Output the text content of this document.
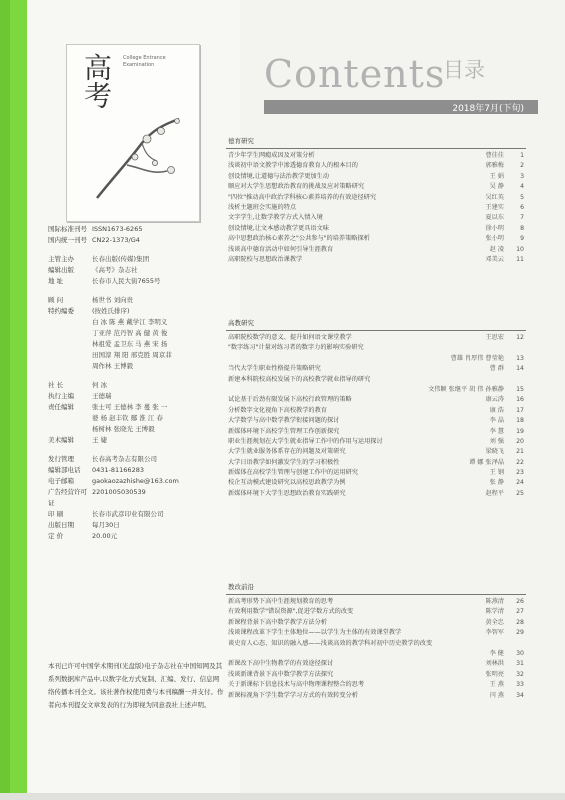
高考 College Entrance Examination
国际标准刊号 ISSN1673-6265
国内统一刊号 CN22-1373/G4
主管主办	长春出版(传媒)集团
编辑出版	《高考》杂志社
地 址	长春市人民大街7655号
顾 问	杨世书 刘向贵
特约编委	(按姓氏排序)
白 冰 陈 燕 戴学江 李明义
丁亚萍 范丹智 高 健 黄 俊
林祖爱 孟卫东 马 燕 宋 扬
田国淳 翔 阳 邢克胜 周京菲
周作林 王博毅
社 长	何 冰
执行主编	王德瑞
责任编辑	张士可 王德林 李 蔓 张 一
婆 杨 赵丰钦 鄢 淮 江 春
杨树林 张晓光 王博毅
美术编辑	王 婕
发行管理	长春高考杂志有限公司
编辑部电话	0431-81166283
电子邮箱	gaokaozazhishe@163.com
广告经营许可证
2201005030539
印 刷	长春市武彦印业有限公司
出版日期	每月30日
定 价	20.00元
本刊已许可中国学术期刊(光盘版)电子杂志社在中国知网及其系列数据库产品中,以数字化方式复制、汇编、发行、信息网络传播本刊全文。该社著作权使用费与本刊稿酬一并支付。作者向本刊提交文章发表的行为即视为同意我社上述声明。
Contents
目录
2018年7月(下旬)
德育研究
青少年学生网瘾成因及对策分析	曹佳佳	1
浅谈初中语文教学中渗透德育教育人的根本目的	郭雅梅	2
创设情境,让道德与法治教学更加生动	王 娟	3
顺应对大学生思想政治教育的挑战及应对策略研究	吴 静	4
"四位"推动高中政治学科核心素养培养的有效途径研究	吴红英	5
浅析主题班会实施的特点	王建实	6
文字学生,让数学教学方式入情入境	夏以东	7
创设情境,让文本感动教学更具语文味	徐小明	8
高中思想政治核心素养之"公共参与"的培养策略探析	张小明	9
浅谈高中德育活动中如何引导生涯教育	赵 凌 10
高职院校与思想政治课教学	邓美云 11
高教研究
高职院校数学的意义、提升如何语文课堂教学	王思宏 12
"数字练习"计量对练习者的数字力的影响实验研究
曹雄 肖厚伟 曹莹艳 13
当代大学生职业性格提升策略研究	曹 群 14
新建本科院校高校发展下的高校教学就业指导的研究
文伟颖 张继平 胡 伟 孙雅静 15
试论基于后劲有限发展下高校行政管理的策略	康云涛 16
分析数字文化视角下高校教学的教育	康 浩 17
大学数学与高中数学教学衔接问题的探讨	李 晶 18
新媒体环境下高校学生管理工作创新探究	李 慧 19
职业生涯规划在大学生就业指导工作中的作用与运用探讨	刘 强 20
大学生就业服务体系存在的问题及对策研究	梁晓飞 21
大学日语教学如何激发学生的学习积极性	谭 娜 张泽晶 22
新媒体在高校学生管理与创建工作中的运用研究	王 钢 23
校企互动模式建设研究以高校思政教学为例	张 静 24
新媒体环境下大学生思想政治教育实践研究	赵程平 25
教改前沿
新高考形势下高中生涯规划教育的思考	陈燕清 26
有效利用数学"错误资源",促进学数方式的改变	陈学清 27
新课程背景下高中数学教学方法分析	黄全忠 28
浅谈课程改革下学生主体地位——以学生为主体的有效课堂教学	李智军 29
谈史育人心态、知识的融入感——浅谈高效的教学科对初中历史教学的改变
李 健 30
新课改下高中生物教学的有效途径探讨	刘林洪 31
浅谈新课背景下高中数学教学方法探究	张明亮 32
关于新课标下信息技术与高中物理课程整合的思考	王 燕 33
新课标视角下学生数学学习方式的有效转变分析	闫 燕 34
